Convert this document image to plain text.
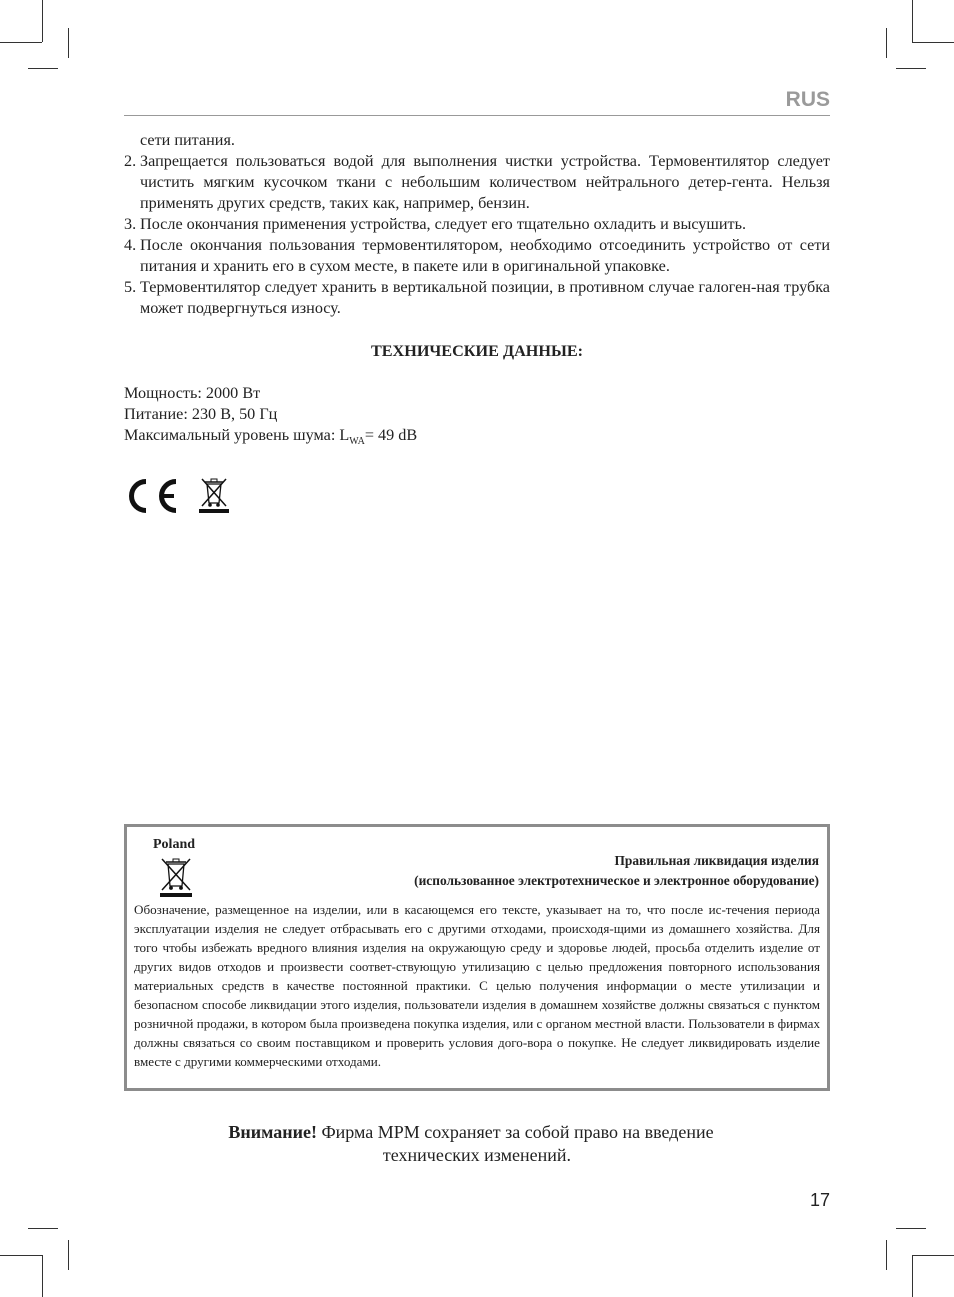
RUS
сети питания.
2. Запрещается пользоваться водой для выполнения чистки устройства. Термовентилятор следует чистить мягким кусочком ткани с небольшим количеством нейтрального детер-гента. Нельзя применять других средств, таких как, например, бензин.
3. После окончания применения устройства, следует его тщательно охладить и высушить.
4. После окончания пользования термовентилятором, необходимо отсоединить устройство от сети питания и хранить его в сухом месте, в пакете или в оригинальной упаковке.
5. Термовентилятор следует хранить в вертикальной позиции, в противном случае галоген-ная трубка может подвергнуться износу.
ТЕХНИЧЕСКИЕ ДАННЫЕ:
Мощность: 2000 Вт
Питание: 230 В, 50 Гц
Максимальный уровень шума: $L_{WA}= 49$ dB
Poland
Правильная ликвидация изделия
(использованное электротехническое и электронное оборудование)
Обозначение, размещенное на изделии, или в касающемся его тексте, указывает на то, что после ис-течения периода эксплуатации изделия не следует отбрасывать его с другими отходами, происходя-щими из домашнего хозяйства. Для того чтобы избежать вредного влияния изделия на окружающую среду и здоровье людей, просьба отделить изделие от других видов отходов и произвести соответ-ствующую утилизацию с целью предложения повторного использования материальных средств в качестве постоянной практики. С целью получения информации о месте утилизации и безопасном способе ликвидации этого изделия, пользователи изделия в домашнем хозяйстве должны связаться с пунктом розничной продажи, в котором была произведена покупка изделия, или с органом местной власти. Пользователи в фирмах должны связаться со своим поставщиком и проверить условия дого-вора о покупке. Не следует ликвидировать изделие вместе с другими коммерческими отходами.
Внимание! Фирма MPM сохраняет за собой право на введение
технических изменений.
17
